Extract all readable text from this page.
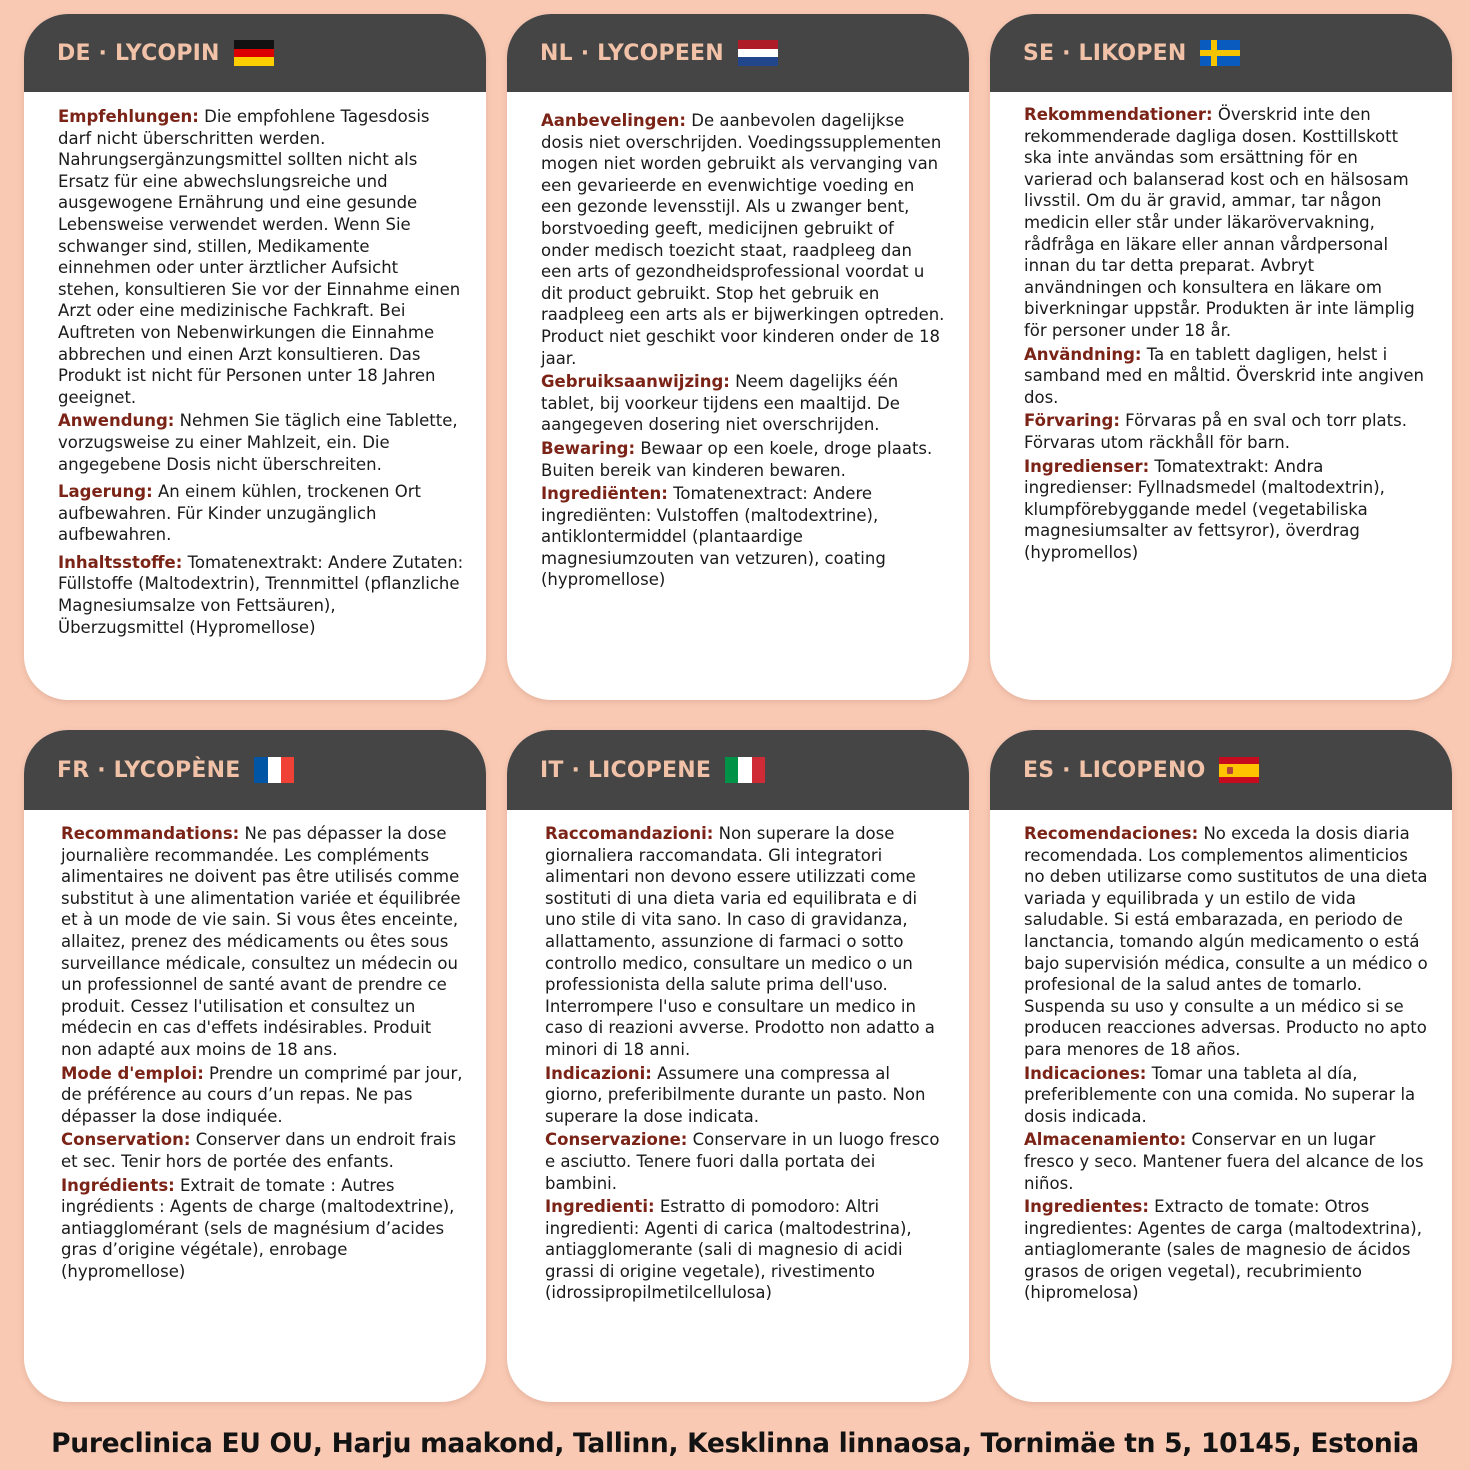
DE · LYCOPIN

Empfehlungen: Die empfohlene Tagesdosis darf nicht überschritten werden. Nahrungsergänzungsmittel sollten nicht als Ersatz für eine abwechslungsreiche und ausgewogene Ernährung und eine gesunde Lebensweise verwendet werden. Wenn Sie schwanger sind, stillen, Medikamente einnehmen oder unter ärztlicher Aufsicht stehen, konsultieren Sie vor der Einnahme einen Arzt oder eine medizinische Fachkraft. Bei Auftreten von Nebenwirkungen die Einnahme abbrechen und einen Arzt konsultieren. Das Produkt ist nicht für Personen unter 18 Jahren geeignet.

Anwendung: Nehmen Sie täglich eine Tablette, vorzugsweise zu einer Mahlzeit, ein. Die angegebene Dosis nicht überschreiten.

Lagerung: An einem kühlen, trockenen Ort aufbewahren. Für Kinder unzugänglich aufbewahren.

Inhaltsstoffe: Tomatenextrakt: Andere Zutaten: Füllstoffe (Maltodextrin), Trennmittel (pflanzliche Magnesiumsalze von Fettsäuren), Überzugsmittel (Hypromellose)

NL · LYCOPEEN

Aanbevelingen: De aanbevolen dagelijkse dosis niet overschrijden. Voedingssupplementen mogen niet worden gebruikt als vervanging van een gevarieerde en evenwichtige voeding en een gezonde levensstijl. Als u zwanger bent, borstvoeding geeft, medicijnen gebruikt of onder medisch toezicht staat, raadpleeg dan een arts of gezondheidsprofessional voordat u dit product gebruikt. Stop het gebruik en raadpleeg een arts als er bijwerkingen optreden. Product niet geschikt voor kinderen onder de 18 jaar.

Gebruiksaanwijzing: Neem dagelijks één tablet, bij voorkeur tijdens een maaltijd. De aangegeven dosering niet overschrijden.

Bewaring: Bewaar op een koele, droge plaats. Buiten bereik van kinderen bewaren.

Ingrediënten: Tomatenextract: Andere ingrediënten: Vulstoffen (maltodextrine), antiklontermiddel (plantaardige magnesiumzouten van vetzuren), coating (hypromellose)

SE · LIKOPEN

Rekommendationer: Överskrid inte den rekommenderade dagliga dosen. Kosttillskott ska inte användas som ersättning för en varierad och balanserad kost och en hälsosam livsstil. Om du är gravid, ammar, tar någon medicin eller står under läkarövervakning, rådfråga en läkare eller annan vårdpersonal innan du tar detta preparat. Avbryt användningen och konsultera en läkare om biverkningar uppstår. Produkten är inte lämplig för personer under 18 år.

Användning: Ta en tablett dagligen, helst i samband med en måltid. Överskrid inte angiven dos.

Förvaring: Förvaras på en sval och torr plats. Förvaras utom räckhåll för barn.

Ingredienser: Tomatextrakt: Andra ingredienser: Fyllnadsmedel (maltodextrin), klumpförebyggande medel (vegetabiliska magnesiumsalter av fettsyror), överdrag (hypromellos)

FR · LYCOPÈNE

Recommandations: Ne pas dépasser la dose journalière recommandée. Les compléments alimentaires ne doivent pas être utilisés comme substitut à une alimentation variée et équilibrée et à un mode de vie sain. Si vous êtes enceinte, allaitez, prenez des médicaments ou êtes sous surveillance médicale, consultez un médecin ou un professionnel de santé avant de prendre ce produit. Cessez l'utilisation et consultez un médecin en cas d'effets indésirables. Produit non adapté aux moins de 18 ans.

Mode d'emploi: Prendre un comprimé par jour, de préférence au cours d’un repas. Ne pas dépasser la dose indiquée.

Conservation: Conserver dans un endroit frais et sec. Tenir hors de portée des enfants.

Ingrédients: Extrait de tomate : Autres ingrédients : Agents de charge (maltodextrine), antiagglomérant (sels de magnésium d’acides gras d’origine végétale), enrobage (hypromellose)

IT · LICOPENE

Raccomandazioni: Non superare la dose giornaliera raccomandata. Gli integratori alimentari non devono essere utilizzati come sostituti di una dieta varia ed equilibrata e di uno stile di vita sano. In caso di gravidanza, allattamento, assunzione di farmaci o sotto controllo medico, consultare un medico o un professionista della salute prima dell'uso. Interrompere l'uso e consultare un medico in caso di reazioni avverse. Prodotto non adatto a minori di 18 anni.

Indicazioni: Assumere una compressa al giorno, preferibilmente durante un pasto. Non superare la dose indicata.

Conservazione: Conservare in un luogo fresco e asciutto. Tenere fuori dalla portata dei bambini.

Ingredienti: Estratto di pomodoro: Altri ingredienti: Agenti di carica (maltodestrina), antiagglomerante (sali di magnesio di acidi grassi di origine vegetale), rivestimento (idrossipropilmetilcellulosa)

ES · LICOPENO

Recomendaciones: No exceda la dosis diaria recomendada. Los complementos alimenticios no deben utilizarse como sustitutos de una dieta variada y equilibrada y un estilo de vida saludable. Si está embarazada, en periodo de lanctancia, tomando algún medicamento o está bajo supervisión médica, consulte a un médico o profesional de la salud antes de tomarlo. Suspenda su uso y consulte a un médico si se producen reacciones adversas. Producto no apto para menores de 18 años.

Indicaciones: Tomar una tableta al día, preferiblemente con una comida. No superar la dosis indicada.

Almacenamiento: Conservar en un lugar fresco y seco. Mantener fuera del alcance de los niños.

Ingredientes: Extracto de tomate: Otros ingredientes: Agentes de carga (maltodextrina), antiaglomerante (sales de magnesio de ácidos grasos de origen vegetal), recubrimiento (hipromelosa)

Pureclinica EU OU, Harju maakond, Tallinn, Kesklinna linnaosa, Tornimäe tn 5, 10145, Estonia
